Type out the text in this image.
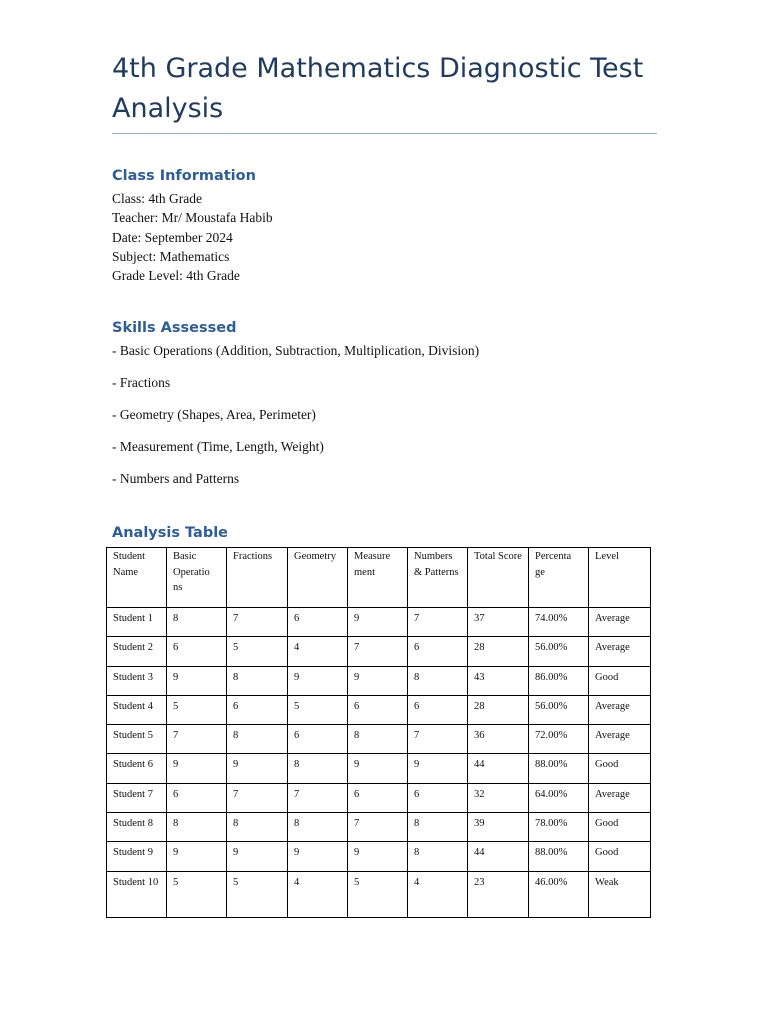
4th Grade Mathematics Diagnostic Test Analysis
Class Information
Class: 4th Grade
Teacher: Mr/ Moustafa Habib
Date: September 2024
Subject: Mathematics
Grade Level: 4th Grade
Skills Assessed
- Basic Operations (Addition, Subtraction, Multiplication, Division)
- Fractions
- Geometry (Shapes, Area, Perimeter)
- Measurement (Time, Length, Weight)
- Numbers and Patterns
Analysis Table
Student Name	Basic Operatio ns	Fractions	Geometry	Measure ment	Numbers & Patterns	Total Score	Percenta ge	Level
Student 1	8	7	6	9	7	37	74.00%	Average
Student 2	6	5	4	7	6	28	56.00%	Average
Student 3	9	8	9	9	8	43	86.00%	Good
Student 4	5	6	5	6	6	28	56.00%	Average
Student 5	7	8	6	8	7	36	72.00%	Average
Student 6	9	9	8	9	9	44	88.00%	Good
Student 7	6	7	7	6	6	32	64.00%	Average
Student 8	8	8	8	7	8	39	78.00%	Good
Student 9	9	9	9	9	8	44	88.00%	Good
Student 10	5	5	4	5	4	23	46.00%	Weak
